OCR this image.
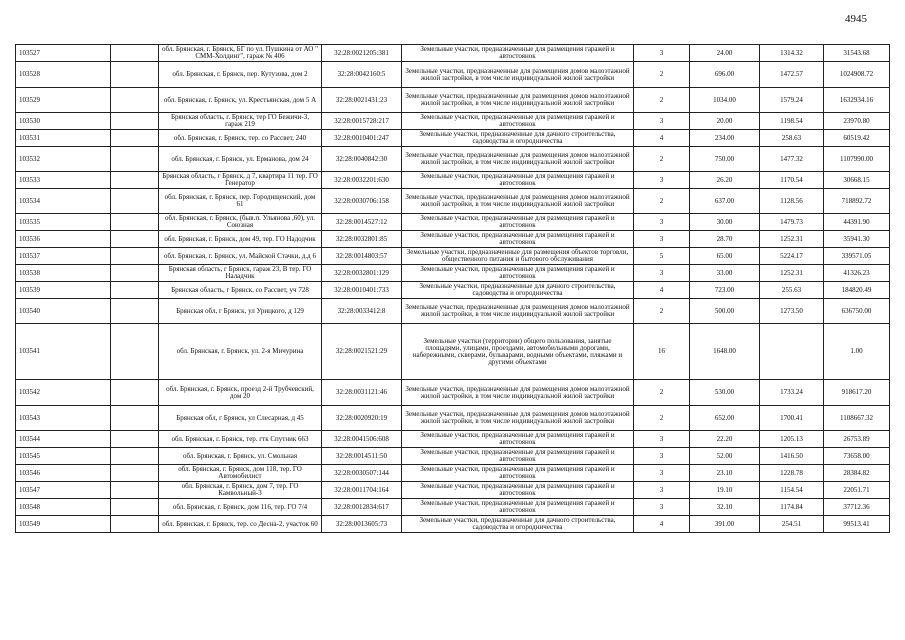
4945
103527		обл. Брянская, г. Брянск, БГ по ул. Пушкина от АО " СММ-Холдинг", гараж № 406	32:28:0021205:381	Земельные участки, предназначенные для размещения гаражей и автостоянок	3	24.00	1314.32	31543.68
103528		обл. Брянская, г. Брянск, пер. Кутузова, дом 2	32:28:0042160:5	Земельные участки, предназначенные для размещения домов малоэтажной жилой застройки, в том числе индивидуальной жилой застройки	2	696.00	1472.57	1024908.72
103529		обл. Брянская, г. Брянск, ул. Крестьянская, дом 5 А	32:28:0021431:23	Земельные участки, предназначенные для размещения домов малоэтажной жилой застройки, в том числе индивидуальной жилой застройки	2	1034.00	1579.24	1632934.16
103530		Брянская область, г. Брянск, тер ГО Бежичи-3, гараж 219	32:28:0015728:217	Земельные участки, предназначенные для размещения гаражей и автостоянок	3	20.00	1198.54	23970.80
103531		обл. Брянская, г. Брянск, тер. со Рассвет, 240	32:28:0010401:247	Земельные участки, предназначенные для дачного строительства, садоводства и огородничества	4	234.00	258.63	60519.42
103532		обл. Брянская, г. Брянск, ул. Ерманова, дом 24	32:28:0040842:30	Земельные участки, предназначенные для размещения домов малоэтажной жилой застройки, в том числе индивидуальной жилой застройки	2	750.00	1477.32	1107990.00
103533		Брянская область, г Брянск, д 7, квартира 11 тер. ГО Генератор	32:28:0032201:630	Земельные участки, предназначенные для размещения гаражей и автостоянок	3	26.20	1170.54	30668.15
103534		обл. Брянская, г. Брянск, пер. Городищенский, дом 61	32:28:0030706:158	Земельные участки, предназначенные для размещения домов малоэтажной жилой застройки, в том числе индивидуальной жилой застройки	2	637.00	1128.56	718892.72
103535		обл. Брянская, г. Брянск, (быв.п. Ульянова ,60), ул. Союзная	32:28:0014527:12	Земельные участки, предназначенные для размещения гаражей и автостоянок	3	30.00	1479.73	44391.90
103536		обл. Брянская, г. Брянск, дом 49, тер. ГО Надодчик	32:28:0032801:85	Земельные участки, предназначенные для размещения гаражей и автостоянок	3	28.70	1252.31	35941.30
103537		обл. Брянская, г. Брянск, ул. Майской Стачки, д.д 6	32:28:0014803:57	Земельные участки, предназначенные для размещения объектов торговли, общественного питания и бытового обслуживания	5	65.00	5224.17	339571.05
103538		Брянская область, г Брянск, гараж 23, В тер. ГО Наладчик	32:28:0032801:129	Земельные участки, предназначенные для размещения гаражей и автостоянок	3	33.00	1252.31	41326.23
103539		Брянская область, г Брянск, со Рассвет, уч 728	32:28:0010401:733	Земельные участки, предназначенные для дачного строительства, садоводства и огородничества	4	723.00	255.63	184820.49
103540		Брянская обл, г Брянск, ул Урицкого, д 129	32:28:0033412:8	Земельные участки, предназначенные для размещения домов малоэтажной жилой застройки, в том числе индивидуальной жилой застройки	2	500.00	1273.50	636750.00
103541		обл. Брянская, г. Брянск, ул. 2-я Мичурина	32:28:0021521:29	Земельные участки (территории) общего пользования, занятые площадями, улицами, проездами, автомобильными дорогами, набережными, скверами, бульварами, водными объектами, пляжами и другими объектами	16	1648.00		1.00
103542		обл. Брянская, г. Брянск, проезд 2-й Трубчевский, дом 20	32:28:0031121:46	Земельные участки, предназначенные для размещения домов малоэтажной жилой застройки, в том числе индивидуальной жилой застройки	2	530.00	1733.24	918617.20
103543		Брянская обл, г Брянск, ул Слесарная, д 45	32:28:0020920:19	Земельные участки, предназначенные для размещения домов малоэтажной жилой застройки, в том числе индивидуальной жилой застройки	2	652.00	1700.41	1108667.32
103544		обл. Брянская, г. Брянск, тер. гтк Спутник 663	32:28:0041506:608	Земельные участки, предназначенные для размещения гаражей и автостоянок	3	22.20	1205.13	26753.89
103545		обл. Брянская, г. Брянск, ул. Смольная	32:28:0014511:50	Земельные участки, предназначенные для размещения гаражей и автостоянок	3	52.00	1416.50	73658.00
103546		обл. Брянская, г. Брянск, дом 118, тер. ГО Автомобилист	32:28:0030507:144	Земельные участки, предназначенные для размещения гаражей и автостоянок	3	23.10	1228.78	28384.82
103547		обл. Брянская, г. Брянск, дом 7, тер. ГО Камвольный-3	32:28:0011704:164	Земельные участки, предназначенные для размещения гаражей и автостоянок	3	19.10	1154.54	22051.71
103548		обл. Брянская, г. Брянск, дом 116, тер. ГО 7/4	32:28:0012834:617	Земельные участки, предназначенные для размещения гаражей и автостоянок	3	32.10	1174.84	37712.36
103549		обл. Брянская, г. Брянск, тер. со Десна-2, участок 60	32:28:0013605:73	Земельные участки, предназначенные для дачного строительства, садоводства и огородничества	4	391.00	254.51	99513.41
